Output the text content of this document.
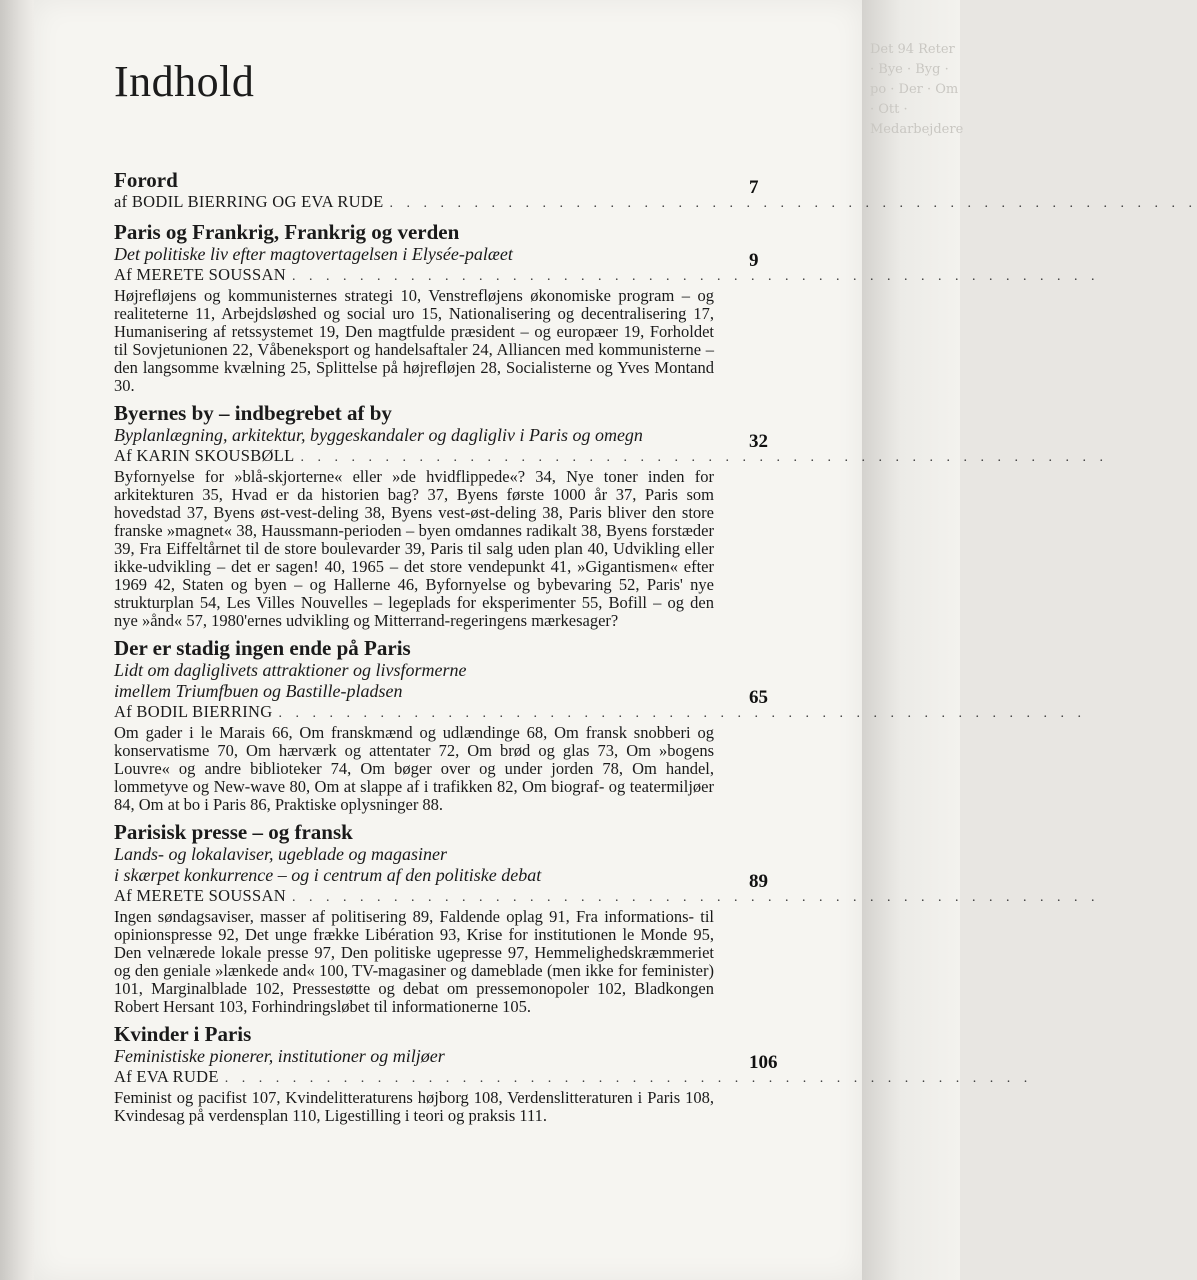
Det 94 Reter · Bye · Byg · po · Der · Om · Ott · Medarbejdere
Indhold
Forord
af BODIL BIERRING OG EVA RUDE . . . . . . . . . . . . . . . . . . . . . . . . . . . . . . . . . . . . . . . . . . . . . . . .
7
Paris og Frankrig, Frankrig og verden
Det politiske liv efter magtovertagelsen i Elysée-palæet
Af MERETE SOUSSAN . . . . . . . . . . . . . . . . . . . . . . . . . . . . . . . . . . . . . . . . . . . . . . . .
9
Højrefløjens og kommunisternes strategi 10, Venstrefløjens økonomiske program – og realiteterne 11, Arbejdsløshed og social uro 15, Nationalisering og decentralisering 17, Humanisering af retssystemet 19, Den magtfulde præsident – og europæer 19, Forholdet til Sovjetunionen 22, Våbeneksport og handelsaftaler 24, Alliancen med kommunisterne – den langsomme kvælning 25, Splittelse på højrefløjen 28, Socialisterne og Yves Montand 30.
Byernes by – indbegrebet af by
Byplanlægning, arkitektur, byggeskandaler og dagligliv i Paris og omegn
Af KARIN SKOUSBØLL . . . . . . . . . . . . . . . . . . . . . . . . . . . . . . . . . . . . . . . . . . . . . . . .
32
Byfornyelse for »blå-skjorterne« eller »de hvidflippede«? 34, Nye toner inden for arkitekturen 35, Hvad er da historien bag? 37, Byens første 1000 år 37, Paris som hovedstad 37, Byens øst-vest-deling 38, Byens vest-øst-deling 38, Paris bliver den store franske »magnet« 38, Haussmann-perioden – byen omdannes radikalt 38, Byens forstæder 39, Fra Eiffeltårnet til de store boulevarder 39, Paris til salg uden plan 40, Udvikling eller ikke-udvikling – det er sagen! 40, 1965 – det store vendepunkt 41, »Gigantismen« efter 1969 42, Staten og byen – og Hallerne 46, Byfornyelse og bybevaring 52, Paris' nye strukturplan 54, Les Villes Nouvelles – legeplads for eksperimenter 55, Bofill – og den nye »ånd« 57, 1980'ernes udvikling og Mitterrand-regeringens mærkesager?
Der er stadig ingen ende på Paris
Lidt om dagliglivets attraktioner og livsformerne
imellem Triumfbuen og Bastille-pladsen
Af BODIL BIERRING . . . . . . . . . . . . . . . . . . . . . . . . . . . . . . . . . . . . . . . . . . . . . . . .
65
Om gader i le Marais 66, Om franskmænd og udlændinge 68, Om fransk snobberi og konservatisme 70, Om hærværk og attentater 72, Om brød og glas 73, Om »bogens Louvre« og andre biblioteker 74, Om bøger over og under jorden 78, Om handel, lommetyve og New-wave 80, Om at slappe af i trafikken 82, Om biograf- og teatermiljøer 84, Om at bo i Paris 86, Praktiske oplysninger 88.
Parisisk presse – og fransk
Lands- og lokalaviser, ugeblade og magasiner
i skærpet konkurrence – og i centrum af den politiske debat
Af MERETE SOUSSAN . . . . . . . . . . . . . . . . . . . . . . . . . . . . . . . . . . . . . . . . . . . . . . . .
89
Ingen søndagsaviser, masser af politisering 89, Faldende oplag 91, Fra informations- til opinionspresse 92, Det unge frække Libération 93, Krise for institutionen le Monde 95, Den velnærede lokale presse 97, Den politiske ugepresse 97, Hemmelighedskræmmeriet og den geniale »lænkede and« 100, TV-magasiner og dameblade (men ikke for feminister) 101, Marginalblade 102, Pressestøtte og debat om pressemonopoler 102, Bladkongen Robert Hersant 103, Forhindringsløbet til informationerne 105.
Kvinder i Paris
Feministiske pionerer, institutioner og miljøer
Af EVA RUDE . . . . . . . . . . . . . . . . . . . . . . . . . . . . . . . . . . . . . . . . . . . . . . . .
106
Feminist og pacifist 107, Kvindelitteraturens højborg 108, Verdenslitteraturen i Paris 108, Kvindesag på verdensplan 110, Ligestilling i teori og praksis 111.
